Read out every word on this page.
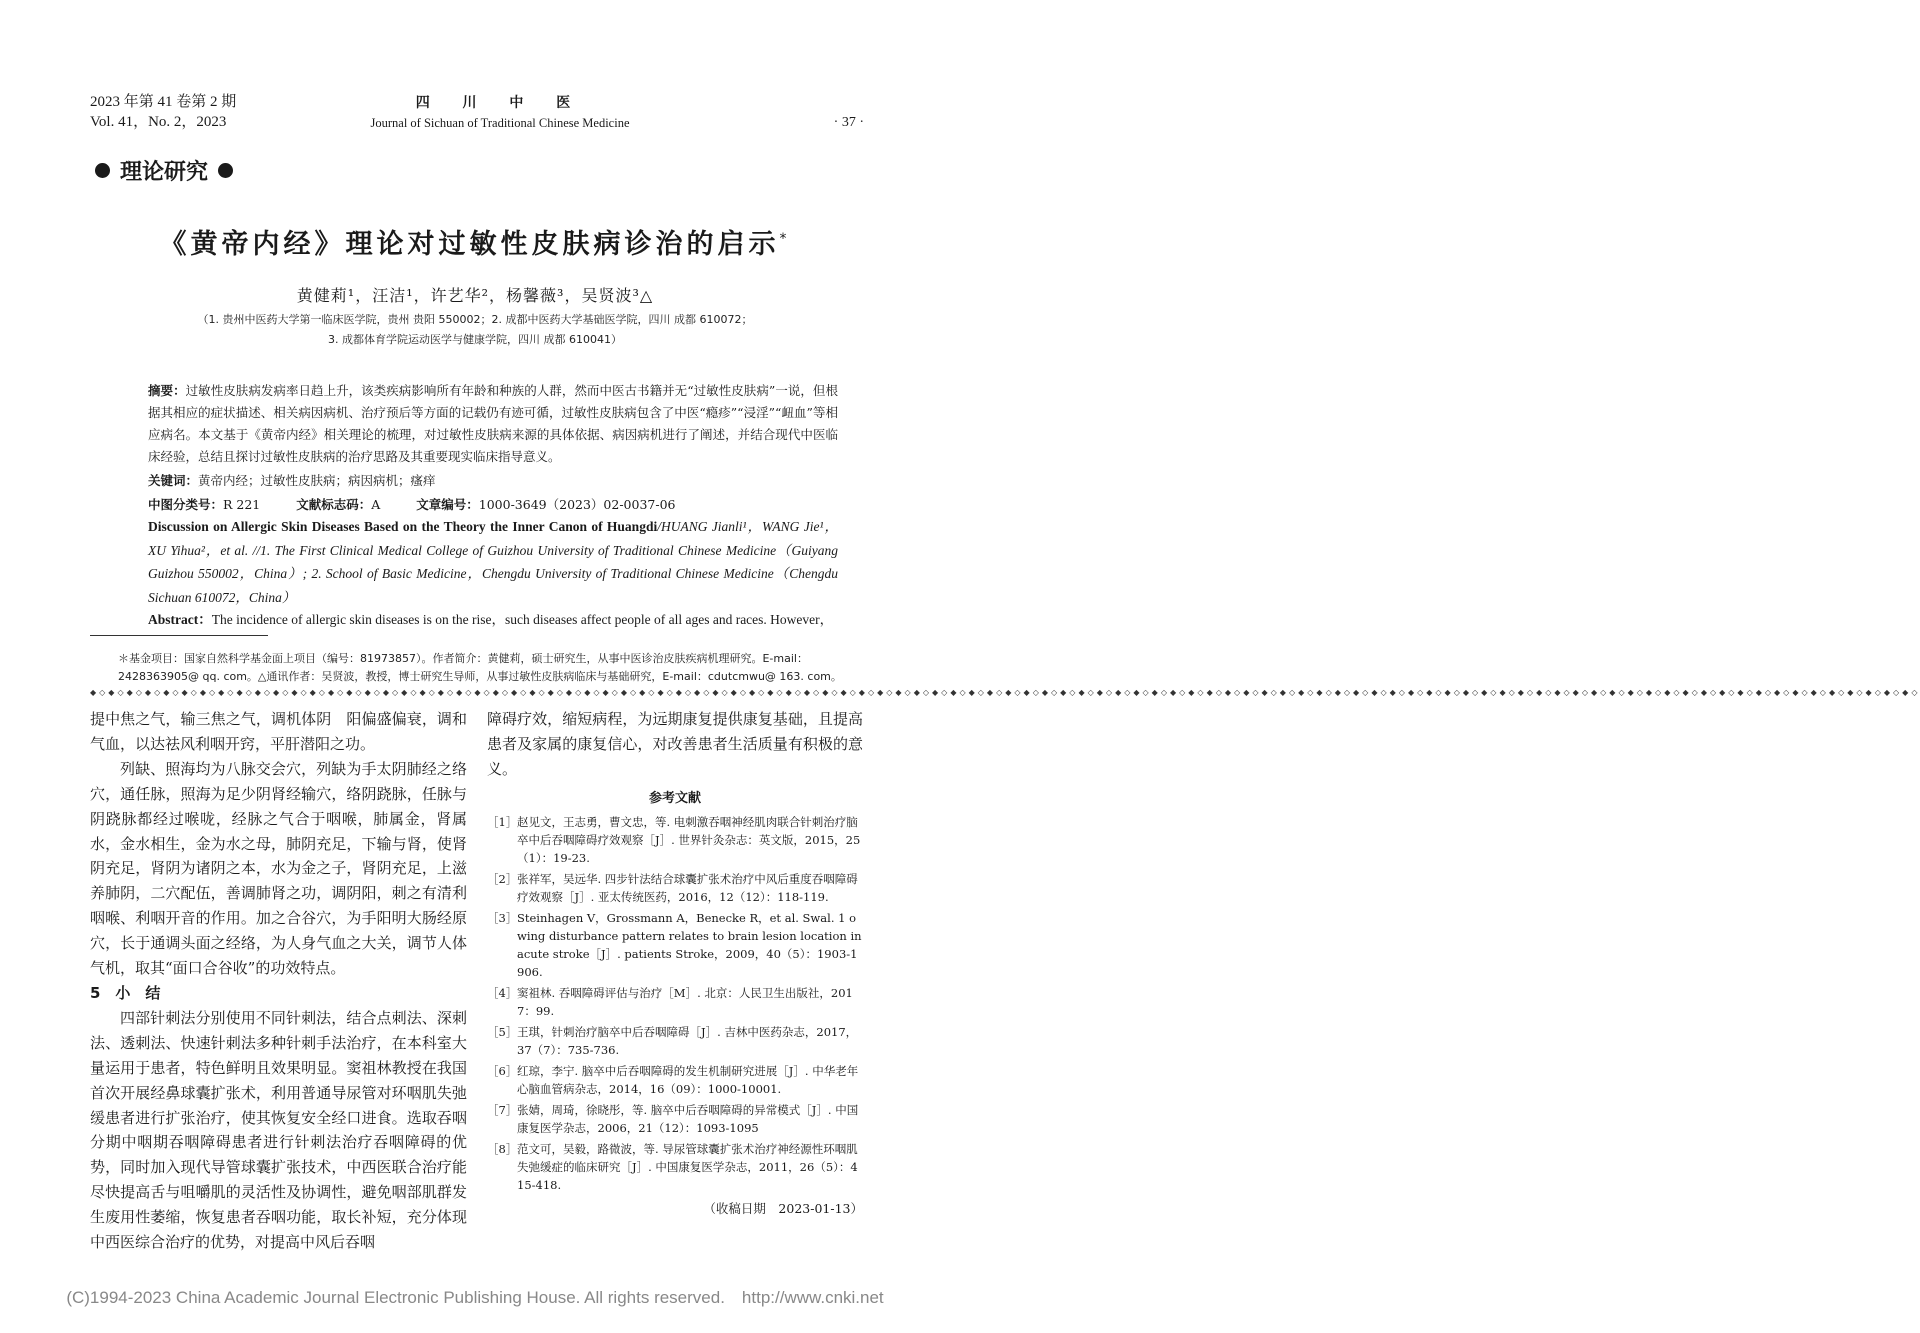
2023 年第 41 卷第 2 期
Vol. 41，No. 2，2023
四 川 中 医
Journal of Sichuan of Traditional Chinese Medicine	· 37 ·
理论研究
《黄帝内经》理论对过敏性皮肤病诊治的启示*
黄健莉¹，汪洁¹，许艺华²，杨馨薇³，吴贤波³△
（1. 贵州中医药大学第一临床医学院，贵州 贵阳 550002；2. 成都中医药大学基础医学院，四川 成都 610072；
3. 成都体育学院运动医学与健康学院，四川 成都 610041）
摘要：过敏性皮肤病发病率日趋上升，该类疾病影响所有年龄和种族的人群，然而中医古书籍并无“过敏性皮肤病”一说，但根据其相应的症状描述、相关病因病机、治疗预后等方面的记载仍有迹可循，过敏性皮肤病包含了中医“瘾疹”“浸淫”“衄血”等相应病名。本文基于《黄帝内经》相关理论的梳理，对过敏性皮肤病来源的具体依据、病因病机进行了阐述，并结合现代中医临床经验，总结且探讨过敏性皮肤病的治疗思路及其重要现实临床指导意义。
关键词：黄帝内经；过敏性皮肤病；病因病机；瘙痒
中图分类号：R 221	文献标志码：A	文章编号：1000-3649（2023）02-0037-06
Discussion on Allergic Skin Diseases Based on the Theory the Inner Canon of Huangdi/HUANG Jianli¹，WANG Jie¹，XU Yihua²，et al. //1. The First Clinical Medical College of Guizhou University of Traditional Chinese Medicine（Guiyang Guizhou 550002，China）; 2. School of Basic Medicine，Chengdu University of Traditional Chinese Medicine（Chengdu Sichuan 610072，China）
Abstract：The incidence of allergic skin diseases is on the rise，such diseases affect people of all ages and races. However，
＊基金项目：国家自然科学基金面上项目（编号：81973857）。作者简介：黄健莉，硕士研究生，从事中医诊治皮肤疾病机理研究。E-mail：2428363905@ qq. com。△通讯作者：吴贤波，教授，博士研究生导师，从事过敏性皮肤病临床与基础研究，E-mail：cdutcmwu@ 163. com。
◆◇◆◇◆◇◆◇◆◇◆◇◆◇◆◇◆◇◆◇◆◇◆◇◆◇◆◇◆◇◆◇◆◇◆◇◆◇◆◇◆◇◆◇◆◇◆◇◆◇◆◇◆◇◆◇◆◇◆◇◆◇◆◇◆◇◆◇◆◇◆◇◆◇◆◇◆◇◆◇◆◇◆◇◆◇◆◇◆◇◆◇◆◇◆◇◆◇◆◇◆◇◆◇◆◇◆◇◆◇◆◇◆◇◆◇◆◇◆◇◆◇◆◇◆◇◆◇◆◇◆◇◆◇◆◇◆◇◆◇◆◇◆◇◆◇◆◇◆◇◆◇◆◇◆◇◆◇◆◇◆◇◆◇◆◇◆◇◆◇◆◇◆◇◆◇◆◇◆◇◆◇◆◇◆◇◆◇◆◇◆◇◆◇◆◇◆◇◆◇

提中焦之气，输三焦之气，调机体阴　阳偏盛偏衰，调和气血，以达祛风利咽开窍，平肝潜阳之功。

列缺、照海均为八脉交会穴，列缺为手太阴肺经之络穴，通任脉，照海为足少阴肾经输穴，络阴跷脉，任脉与阴跷脉都经过喉咙，经脉之气合于咽喉，肺属金，肾属水，金水相生，金为水之母，肺阴充足，下输与肾，使肾阴充足，肾阴为诸阴之本，水为金之子，肾阴充足，上滋养肺阴，二穴配伍，善调肺肾之功，调阴阳，刺之有清利咽喉、利咽开音的作用。加之合谷穴，为手阳明大肠经原穴，长于通调头面之经络，为人身气血之大关，调节人体气机，取其“面口合谷收”的功效特点。

5　小　结

四部针刺法分别使用不同针刺法，结合点刺法、深刺法、透刺法、快速针刺法多种针刺手法治疗，在本科室大量运用于患者，特色鲜明且效果明显。窦祖林教授在我国首次开展经鼻球囊扩张术，利用普通导尿管对环咽肌失弛缓患者进行扩张治疗，使其恢复安全经口进食。选取吞咽分期中咽期吞咽障碍患者进行针刺法治疗吞咽障碍的优势，同时加入现代导管球囊扩张技术，中西医联合治疗能尽快提高舌与咀嚼肌的灵活性及协调性，避免咽部肌群发生废用性萎缩，恢复患者吞咽功能，取长补短，充分体现中西医综合治疗的优势，对提高中风后吞咽

障碍疗效，缩短病程，为远期康复提供康复基础，且提高患者及家属的康复信心，对改善患者生活质量有积极的意义。

参考文献

［1］ 赵见文，王志勇，曹文忠，等. 电刺激吞咽神经肌肉联合针刺治疗脑卒中后吞咽障碍疗效观察［J］. 世界针灸杂志：英文版，2015，25（1）：19-23.

［2］ 张祥军，吴远华. 四步针法结合球囊扩张术治疗中风后重度吞咽障碍疗效观察［J］. 亚太传统医药，2016，12（12）：118-119.

［3］ Steinhagen V，Grossmann A，Benecke R，et al. Swal. 1 owing disturbance pattern relates to brain lesion location in acute stroke［J］. patients Stroke，2009，40（5）：1903-1906.

［4］ 窦祖林. 吞咽障碍评估与治疗［M］. 北京：人民卫生出版社，2017：99.

［5］ 王琪，针刺治疗脑卒中后吞咽障碍［J］. 吉林中医药杂志，2017，37（7）：735-736.

［6］ 红琼，李宁. 脑卒中后吞咽障碍的发生机制研究进展［J］. 中华老年心脑血管病杂志，2014，16（09）：1000-10001.

［7］ 张婧，周琦，徐晓彤，等. 脑卒中后吞咽障碍的异常模式［J］. 中国康复医学杂志，2006，21（12）：1093-1095

［8］ 范文可，吴毅，路微波，等. 导尿管球囊扩张术治疗神经源性环咽肌失弛缓症的临床研究［J］. 中国康复医学杂志，2011，26（5）：415-418.

（收稿日期　2023-01-13）

(C)1994-2023 China Academic Journal Electronic Publishing House. All rights reserved.　http://www.cnki.net
